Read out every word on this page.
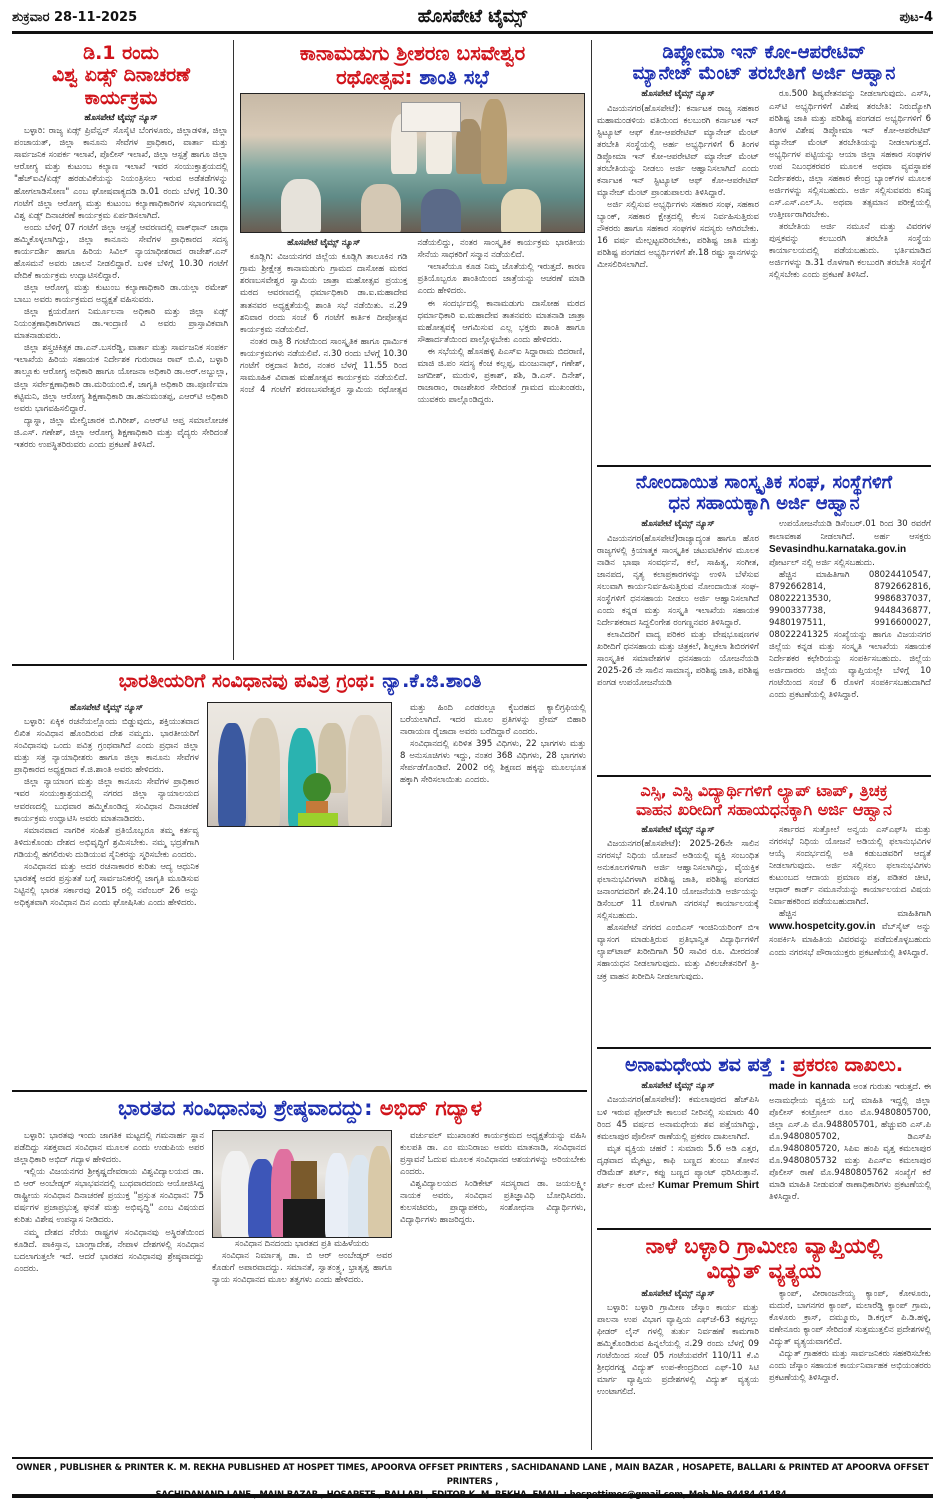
ಶುಕ್ರವಾರ 28-11-2025	ಹೊಸಪೇಟೆ ಟೈಮ್ಸ್	ಪುಟ-4
ಡಿ.1 ರಂದು
ವಿಶ್ವ ಏಡ್ಸ್ ದಿನಾಚರಣೆ
ಕಾರ್ಯಕ್ರಮ
ಹೊಸಪೇಟೆ ಟೈಮ್ಸ್ ನ್ಯೂಸ್

ಬಳ್ಳಾರಿ: ರಾಜ್ಯ ಏಡ್ಸ್ ಪ್ರಿವೆನ್ಷನ್ ಸೊಸೈಟಿ ಬೆಂಗಳೂರು, ಜಿಲ್ಲಾಡಳಿತ, ಜಿಲ್ಲಾ ಪಂಚಾಯತ್, ಜಿಲ್ಲಾ ಕಾನೂನು ಸೇವೆಗಳ ಪ್ರಾಧಿಕಾರ, ವಾರ್ತಾ ಮತ್ತು ಸಾರ್ವಜನಿಕ ಸಂಪರ್ಕ ಇಲಾಖೆ, ಪೊಲೀಸ್ ಇಲಾಖೆ, ಜಿಲ್ಲಾ ಆಸ್ಪತ್ರೆ ಹಾಗೂ ಜಿಲ್ಲಾ ಆರೋಗ್ಯ ಮತ್ತು ಕುಟುಂಬ ಕಲ್ಯಾಣ ಇಲಾಖೆ ಇವರ ಸಂಯುಕ್ತಾಶ್ರಯದಲ್ಲಿ "ಹೆಚ್‌ಐವಿ/ಏಡ್ಸ್ ಹರಡುವಿಕೆಯನ್ನು ನಿಯಂತ್ರಿಸಲು ಇರುವ ಅಡೆತಡೆಗಳನ್ನು ಹೋಗಲಾಡಿಸೋಣ" ಎಂಬ ಘೋಷವಾಕ್ಯದಡಿ ಡಿ.01 ರಂದು ಬೆಳಗ್ಗೆ 10.30 ಗಂಟೆಗೆ ಜಿಲ್ಲಾ ಆರೋಗ್ಯ ಮತ್ತು ಕುಟುಂಬ ಕಲ್ಯಾಣಾಧಿಕಾರಿಗಳ ಸಭಾಂಗಣದಲ್ಲಿ ವಿಶ್ವ ಏಡ್ಸ್ ದಿನಾಚರಣೆ ಕಾರ್ಯಕ್ರಮ ಏರ್ಪಡಿಸಲಾಗಿದೆ.

ಅಂದು ಬೆಳಿಗ್ಗೆ 07 ಗಂಟೆಗೆ ಜಿಲ್ಲಾ ಆಸ್ಪತ್ರೆ ಆವರಣದಲ್ಲಿ ವಾಕ್‌ಥಾನ್ ಜಾಥಾ ಹಮ್ಮಿಕೊಳ್ಳಲಾಗಿದ್ದು, ಜಿಲ್ಲಾ ಕಾನೂನು ಸೇವೆಗಳ ಪ್ರಾಧಿಕಾರದ ಸದಸ್ಯ ಕಾರ್ಯದರ್ಶಿ ಹಾಗೂ ಹಿರಿಯ ಸಿವಿಲ್ ನ್ಯಾಯಾಧೀಶರಾದ ರಾಜೇಶ್.ಎನ್ ಹೊಸಮನೆ ಅವರು ಚಾಲನೆ ನೀಡಲಿದ್ದಾರೆ. ಬಳಿಕ ಬೆಳಿಗ್ಗೆ 10.30 ಗಂಟೆಗೆ ವೇದಿಕೆ ಕಾರ್ಯಕ್ರಮ ಉದ್ಘಾಟಿಸಲಿದ್ದಾರೆ.

ಜಿಲ್ಲಾ ಆರೋಗ್ಯ ಮತ್ತು ಕುಟುಂಬ ಕಲ್ಯಾಣಾಧಿಕಾರಿ ಡಾ.ಯಲ್ಲಾ ರಮೇಶ್ ಬಾಬು ಅವರು ಕಾರ್ಯಕ್ರಮದ ಅಧ್ಯಕ್ಷತೆ ವಹಿಸುವರು.

ಜಿಲ್ಲಾ ಕ್ಷಯರೋಗ ನಿರ್ಮೂಲನಾ ಅಧಿಕಾರಿ ಮತ್ತು ಜಿಲ್ಲಾ ಏಡ್ಸ್ ನಿಯಂತ್ರಣಾಧಿಕಾರಿಗಳಾದ ಡಾ.ಇಂದ್ರಾಣಿ ವಿ ಅವರು ಪ್ರಾಸ್ತಾವಿಕವಾಗಿ ಮಾತನಾಡುವರು.

ಜಿಲ್ಲಾ ಶಸ್ತ್ರಚಿಕಿತ್ಸಕ ಡಾ.ಎನ್.ಬಸರೆಡ್ಡಿ, ವಾರ್ತಾ ಮತ್ತು ಸಾರ್ವಜನಿಕ ಸಂಪರ್ಕ ಇಲಾಖೆಯ ಹಿರಿಯ ಸಹಾಯಕ ನಿರ್ದೇಶಕ ಗುರುರಾಜ ರಾವ್ ಬಿ.ವಿ, ಬಳ್ಳಾರಿ ತಾಲ್ಲೂಕು ಆರೋಗ್ಯ ಅಧಿಕಾರಿ ಹಾಗೂ ಯೋಜನಾ ಅಧಿಕಾರಿ ಡಾ.ಅರ್.ಅಬ್ದುಲ್ಲಾ, ಜಿಲ್ಲಾ ಸರ್ವೇಕ್ಷಣಾಧಿಕಾರಿ ಡಾ.ಮರಿಯಂಬಿ.ಕೆ, ಜಾಗೃತಿ ಅಧಿಕಾರಿ ಡಾ.ಪೂರ್ಣಿಮಾ ಕಟ್ಟಿಮನಿ, ಜಿಲ್ಲಾ ಆರೋಗ್ಯ ಶಿಕ್ಷಣಾಧಿಕಾರಿ ಡಾ.ಹನುಮಂತಪ್ಪ, ಎಆರ್‌ಟಿ ಅಧಿಕಾರಿ ಅವರು ಭಾಗವಹಿಸಲಿದ್ದಾರೆ.

ದ್ಯಾಸ್ನಾ, ಜಿಲ್ಲಾ ಮೇಲ್ವಿಚಾರಕ ಬಿ.ಗಿರೀಶ್, ಎಆರ್‌ಟಿ ಆಪ್ತ ಸಮಾಲೋಚಕ ಜಿ.ಎಸ್. ಗಣೇಶ್, ಜಿಲ್ಲಾ ಆರೋಗ್ಯ ಶಿಕ್ಷಣಾಧಿಕಾರಿ ಮತ್ತು ವೈದ್ಯರು ಸೇರಿದಂತೆ ಇತರರು ಉಪಸ್ಥಿತರಿರುವರು ಎಂದು ಪ್ರಕಟಣೆ ತಿಳಿಸಿದೆ.

ಕಾನಾಮಡುಗು ಶ್ರೀಶರಣ ಬಸವೇಶ್ವರ
ರಥೋತ್ಸವ: ಶಾಂತಿ ಸಭೆ
ಹೊಸಪೇಟೆ ಟೈಮ್ಸ್ ನ್ಯೂಸ್

ಕೂಡ್ಲಿಗಿ: ವಿಜಯನಗರ ಜಿಲ್ಲೆಯ ಕೂಡ್ಲಿಗಿ ತಾಲೂಕಿನ ಗಡಿ ಗ್ರಾಮ ಶ್ರೀಕ್ಷೇತ್ರ ಕಾನಾಮಡುಗು ಗ್ರಾಮದ ದಾಸೋಹ ಮಠದ ಶರಣಬಸವೇಶ್ವರ ಸ್ವಾಮಿಯ ಜಾತ್ರಾ ಮಹೋತ್ಸವ ಪ್ರಯುಕ್ತ ಮಠದ ಆವರಣದಲ್ಲಿ ಧರ್ಮಾಧಿಕಾರಿ ಡಾ.ಐ.ಮಹಾದೇವ ತಾತನವರ ಅಧ್ಯಕ್ಷತೆಯಲ್ಲಿ ಶಾಂತಿ ಸಭೆ ನಡೆಯಿತು. ನ.29 ಶನಿವಾರ ರಂದು ಸಂಜೆ 6 ಗಂಟೆಗೆ ಕಾರ್ತಿಕ ದೀಪೋತ್ಸವ ಕಾರ್ಯಕ್ರಮ ನಡೆಯಲಿದೆ.

ನಂತರ ರಾತ್ರಿ 8 ಗಂಟೆಯಿಂದ ಸಾಂಸ್ಕೃತಿಕ ಹಾಗೂ ಧಾರ್ಮಿಕ ಕಾರ್ಯಕ್ರಮಗಳು ನಡೆಯಲಿವೆ. ನ.30 ರಂದು ಬೆಳಗ್ಗೆ 10.30 ಗಂಟೆಗೆ ರಕ್ತದಾನ ಶಿಬಿರ, ನಂತರ ಬೆಳಗ್ಗೆ 11.55 ರಿಂದ ಸಾಮೂಹಿಕ ವಿವಾಹ ಮಹೋತ್ಸವ ಕಾರ್ಯಕ್ರಮ ನಡೆಯಲಿದೆ. ಸಂಜೆ 4 ಗಂಟೆಗೆ ಶರಣಬಸವೇಶ್ವರ ಸ್ವಾಮಿಯ ರಥೋತ್ಸವ ನಡೆಯಲಿದ್ದು, ನಂತರ ಸಾಂಸ್ಕೃತಿಕ ಕಾರ್ಯಕ್ರಮ ಭಾರತೀಯ ಸೇನೆಯ ಸಾಧಕರಿಗೆ ಸನ್ಮಾನ ನಡೆಯಲಿದೆ.

ಇಲಾಖೆಯೂ ಕೂಡ ನಿಮ್ಮ ಜೊತೆಯಲ್ಲಿ ಇರುತ್ತದೆ. ಕಾರಣ ಪ್ರತಿಯೊಬ್ಬರೂ ಶಾಂತಿಯಿಂದ ಜಾತ್ರೆಯನ್ನು ಆಚರಣೆ ಮಾಡಿ ಎಂದು ಹೇಳಿದರು.

ಈ ಸಂದರ್ಭದಲ್ಲಿ ಕಾನಾಮಡುಗು ದಾಸೋಹ ಮಠದ ಧರ್ಮಾಧಿಕಾರಿ ಐ.ಮಹಾದೇವ ತಾತನವರು ಮಾತನಾಡಿ ಜಾತ್ರಾ ಮಹೋತ್ಸವಕ್ಕೆ ಆಗಮಿಸುವ ಎಲ್ಲ ಭಕ್ತರು ಶಾಂತಿ ಹಾಗೂ ಸೌಹಾರ್ದತೆಯಿಂದ ಪಾಲ್ಗೊಳ್ಳಬೇಕು ಎಂದು ಹೇಳಿದರು.

ಈ ಸಭೆಯಲ್ಲಿ ಹೊಸಹಳ್ಳಿ ಪಿಎಸ್‌ಐ ಸಿದ್ದಾರಾಮ ಬಿದರಾಣಿ, ಮಾಜಿ ಜಿ.ಪಂ ಸದಸ್ಯ ಕೆಂಚ ಕಲ್ಲಪ್ಪ, ಮಂಜುನಾಥ್, ಗಣೇಶ್, ಜಗದೀಶ್, ಮುರುಳಿ, ಪ್ರಕಾಶ್, ಶಶಿ, ಡಿ.ಎಸ್. ದಿನೇಶ್, ರಾಜಾರಾಂ, ರಾಜಶೇಖರ ಸೇರಿದಂತೆ ಗ್ರಾಮದ ಮುಖಂಡರು, ಯುವಕರು ಪಾಲ್ಗೊಂಡಿದ್ದರು.

ಡಿಪ್ಲೋಮಾ ಇನ್ ಕೋ-ಆಪರೇಟಿವ್
ಮ್ಯಾನೇಜ್ ಮೆಂಟ್ ತರಬೇತಿಗೆ ಅರ್ಜಿ ಆಹ್ವಾನ
ಹೊಸಪೇಟೆ ಟೈಮ್ಸ್ ನ್ಯೂಸ್

ವಿಜಯನಗರ(ಹೊಸಪೇಟೆ): ಕರ್ನಾಟಕ ರಾಜ್ಯ ಸಹಕಾರ ಮಹಾಮಂಡಳಿಯ ವತಿಯಿಂದ ಕಲಬುರಗಿ ಕರ್ನಾಟಕ ಇನ್ ಸ್ಟಿಟ್ಯೂಟ್ ಆಫ್ ಕೋ-ಆಪರೇಟಿವ್ ಮ್ಯಾನೇಜ್ ಮೆಂಟ್ ತರಬೇತಿ ಸಂಸ್ಥೆಯಲ್ಲಿ ಅರ್ಹ ಅಭ್ಯರ್ಥಿಗಳಿಗೆ 6 ತಿಂಗಳ ಡಿಪ್ಲೋಮಾ ಇನ್ ಕೋ-ಆಪರೇಟಿವ್ ಮ್ಯಾನೇಜ್ ಮೆಂಟ್ ತರಬೇತಿಯನ್ನು ನೀಡಲು ಅರ್ಜಿ ಆಹ್ವಾನಿಸಲಾಗಿದೆ ಎಂದು ಕರ್ನಾಟಕ ಇನ್ ಸ್ಟಿಟ್ಯೂಟ್ ಆಫ್ ಕೋ-ಆಪರೇಟಿವ್ ಮ್ಯಾನೇಜ್ ಮೆಂಟ್ ಪ್ರಾಂಶುಪಾಲರು ತಿಳಿಸಿದ್ದಾರೆ.

ಅರ್ಜಿ ಸಲ್ಲಿಸುವ ಅಭ್ಯರ್ಥಿಗಳು ಸಹಕಾರ ಸಂಘ, ಸಹಕಾರ ಬ್ಯಾಂಕ್, ಸಹಕಾರ ಕ್ಷೇತ್ರದಲ್ಲಿ ಕೆಲಸ ನಿರ್ವಹಿಸುತ್ತಿರುವ ನೌಕರರು ಹಾಗೂ ಸಹಕಾರ ಸಂಘಗಳ ಸದಸ್ಯರು ಆಗಿರಬೇಕು. 16 ವರ್ಷ ಮೇಲ್ಪಟ್ಟವರಿರಬೇಕು, ಪರಿಶಿಷ್ಟ ಜಾತಿ ಮತ್ತು ಪರಿಶಿಷ್ಟ ಪಂಗಡದ ಅಭ್ಯರ್ಥಿಗಳಿಗೆ ಶೇ.18 ರಷ್ಟು ಸ್ಥಾನಗಳನ್ನು ಮೀಸಲಿರಿಸಲಾಗಿದೆ.

ರೂ.500 ಶಿಷ್ಯವೇತನವನ್ನು ನೀಡಲಾಗುವುದು. ಎಸ್‌ಸಿ, ಎಸ್‌ಟಿ ಅಭ್ಯರ್ಥಿಗಳಿಗೆ ವಿಶೇಷ ತರಬೇತಿ: ನಿರುದ್ಯೋಗಿ ಪರಿಶಿಷ್ಟ ಜಾತಿ ಮತ್ತು ಪರಿಶಿಷ್ಟ ಪಂಗಡದ ಅಭ್ಯರ್ಥಿಗಳಿಗೆ 6 ತಿಂಗಳ ವಿಶೇಷ ಡಿಪ್ಲೋಮಾ ಇನ್ ಕೋ-ಆಪರೇಟಿವ್ ಮ್ಯಾನೇಜ್ ಮೆಂಟ್ ತರಬೇತಿಯನ್ನು ನೀಡಲಾಗುತ್ತದೆ. ಅಭ್ಯರ್ಥಿಗಳ ಪಟ್ಟಿಯನ್ನು ಆಯಾ ಜಿಲ್ಲಾ ಸಹಕಾರ ಸಂಘಗಳ ಉಪ ನಿಬಂಧಕರವರ ಮೂಲಕ ಅಥವಾ ವ್ಯವಸ್ಥಾಪಕ ನಿರ್ದೇಶಕರು, ಜಿಲ್ಲಾ ಸಹಕಾರ ಕೇಂದ್ರ ಬ್ಯಾಂಕ್‌ಗಳ ಮೂಲಕ ಅರ್ಜಿಗಳನ್ನು ಸಲ್ಲಿಸಬಹುದು. ಅರ್ಜಿ ಸಲ್ಲಿಸುವವರು ಕನಿಷ್ಠ ಎಸ್.ಎಸ್.ಎಲ್.ಸಿ. ಅಥವಾ ತತ್ಸಮಾನ ಪರೀಕ್ಷೆಯಲ್ಲಿ ಉತ್ತೀರ್ಣರಾಗಿರಬೇಕು.

ತರಬೇತಿಯ ಅರ್ಜಿ ನಮೂನೆ ಮತ್ತು ವಿವರಗಳ ಪುಸ್ತಕವನ್ನು ಕಲಬುರಗಿ ತರಬೇತಿ ಸಂಸ್ಥೆಯ ಕಾರ್ಯಾಲಯದಲ್ಲಿ ಪಡೆಯಬಹುದು. ಭರ್ತಿಮಾಡಿದ ಅರ್ಜಿಗಳನ್ನು ಡಿ.31 ರೊಳಗಾಗಿ ಕಲಬುರಗಿ ತರಬೇತಿ ಸಂಸ್ಥೆಗೆ ಸಲ್ಲಿಸಬೇಕು ಎಂದು ಪ್ರಕಟಣೆ ತಿಳಿಸಿದೆ.

ನೋಂದಾಯಿತ ಸಾಂಸ್ಕೃತಿಕ ಸಂಘ, ಸಂಸ್ಥೆಗಳಿಗೆ
ಧನ ಸಹಾಯಕ್ಕಾಗಿ ಅರ್ಜಿ ಆಹ್ವಾನ
ಹೊಸಪೇಟೆ ಟೈಮ್ಸ್ ನ್ಯೂಸ್

ವಿಜಯನಗರ(ಹೊಸಪೇಟೆ)ರಾಜ್ಯಾದ್ಯಂತ ಹಾಗೂ ಹೊರ ರಾಜ್ಯಗಳಲ್ಲಿ ಕ್ರಿಯಾತ್ಮಕ ಸಾಂಸ್ಕೃತಿಕ ಚಟುವಟಿಕೆಗಳ ಮೂಲಕ ನಾಡಿನ ಭಾಷಾ ಸಂವರ್ಧನೆ, ಕಲೆ, ಸಾಹಿತ್ಯ, ಸಂಗೀತ, ಜಾನಪದ, ನೃತ್ಯ ಕಲಾಪ್ರಕಾರಗಳನ್ನು ಉಳಿಸಿ ಬೆಳೆಸುವ ಸಲುವಾಗಿ ಕಾರ್ಯನಿರ್ವಹಿಸುತ್ತಿರುವ ನೋಂದಾಯಿತ ಸಂಘ-ಸಂಸ್ಥೆಗಳಿಗೆ ಧನಸಹಾಯ ನೀಡಲು ಅರ್ಜಿ ಆಹ್ವಾನಿಸಲಾಗಿದೆ ಎಂದು ಕನ್ನಡ ಮತ್ತು ಸಂಸ್ಕೃತಿ ಇಲಾಖೆಯ ಸಹಾಯಕ ನಿರ್ದೇಶಕರಾದ ಸಿದ್ದಲಿಂಗೇಶ ರಂಗಣ್ಣನವರ ತಿಳಿಸಿದ್ದಾರೆ.

ಕಲಾವಿದರಿಗೆ ವಾದ್ಯ ಪರಿಕರ ಮತ್ತು ವೇಷಭೂಷಣಗಳ ಖರೀದಿಗೆ ಧನಸಹಾಯ ಮತ್ತು ಚಿತ್ರಕಲೆ, ಶಿಲ್ಪಕಲಾ ಶಿಬಿರಗಳಿಗೆ ಸಾಂಸ್ಕೃತಿಕ ಸಮಾವೇಶಗಳ ಧನಸಹಾಯ ಯೋಜನೆಯಡಿ 2025-26 ನೇ ಸಾಲಿನ ಸಾಮಾನ್ಯ, ಪರಿಶಿಷ್ಟ ಜಾತಿ, ಪರಿಶಿಷ್ಟ ಪಂಗಡ ಉಪಯೋಜನೆಯಡಿ

ಉಪಯೋಜನೆಯಡಿ ಡಿಸೆಂಬರ್.01 ರಿಂದ 30 ರವರೆಗೆ ಕಾಲಾವಕಾಶ ನೀಡಲಾಗಿದೆ. ಅರ್ಹ ಆಸಕ್ತರು Sevasindhu.karnataka.gov.in ಪೋರ್ಟಲ್ ನಲ್ಲಿ ಅರ್ಜಿ ಸಲ್ಲಿಸಬಹುದು.

ಹೆಚ್ಚಿನ ಮಾಹಿತಿಗಾಗಿ 08024410547, 8792662814, 8792662816, 08022213530, 9986837037, 9900337738, 9448436877, 9480197511, 9916600027, 08022241325 ಸಂಖ್ಯೆಯನ್ನು ಹಾಗೂ ವಿಜಯನಗರ ಜಿಲ್ಲೆಯ ಕನ್ನಡ ಮತ್ತು ಸಂಸ್ಕೃತಿ ಇಲಾಖೆಯ ಸಹಾಯಕ ನಿರ್ದೇಶಕರ ಕಛೇರಿಯನ್ನು ಸಂಪರ್ಕಿಸಬಹುದು. ಜಿಲ್ಲೆಯ ಅರ್ಜಿದಾರರು ಜಿಲ್ಲೆಯ ವ್ಯಾಪ್ತಿಯಲ್ಲೇ ಬೆಳಿಗ್ಗೆ 10 ಗಂಟೆಯಿಂದ ಸಂಜೆ 6 ರೊಳಗೆ ಸಂಪರ್ಕಿಸಬಹುದಾಗಿದೆ ಎಂದು ಪ್ರಕಟಣೆಯಲ್ಲಿ ತಿಳಿಸಿದ್ದಾರೆ.

ಎಸ್ಸಿ, ಎಸ್ಟಿ ವಿದ್ಯಾರ್ಥಿಗಳಿಗೆ ಲ್ಯಾಪ್ ಟಾಪ್, ತ್ರಿಚಕ್ರ
ವಾಹನ ಖರೀದಿಗೆ ಸಹಾಯಧನಕ್ಕಾಗಿ ಅರ್ಜಿ ಆಹ್ವಾನ
ಹೊಸಪೇಟೆ ಟೈಮ್ಸ್ ನ್ಯೂಸ್

ವಿಜಯನಗರ(ಹೊಸಪೇಟೆ): 2025-26ನೇ ಸಾಲಿನ ನಗರಸಭೆ ನಿಧಿಯ ಯೋಜನೆ ಅಡಿಯಲ್ಲಿ ವ್ಯಕ್ತಿ ಸಂಬಂಧಿತ ಅನುಕೂಲಗಳಿಗಾಗಿ ಅರ್ಜಿ ಆಹ್ವಾನಿಸಲಾಗಿದ್ದು, ವೈಯಕ್ತಿಕ ಫಲಾನುಭವಿಗಳಾಗಿ ಪರಿಶಿಷ್ಟ ಜಾತಿ, ಪರಿಶಿಷ್ಟ ಪಂಗಡದ ಜನಾಂಗದವರಿಗೆ ಶೇ.24.10 ಯೋಜನೆಯಡಿ ಅರ್ಜಿಯನ್ನು ಡಿಸೆಂಬರ್ 11 ರೊಳಗಾಗಿ ನಗರಸಭೆ ಕಾರ್ಯಾಲಯಕ್ಕೆ ಸಲ್ಲಿಸಬಹುದು.

ಹೊಸಪೇಟೆ ನಗರದ ಎಂಬಿಎಸ್ ಇಂಜಿನಿಯರಿಂಗ್ ಬಿಇ ವ್ಯಾಸಂಗ ಮಾಡುತ್ತಿರುವ ಪ್ರತಿಭಾನ್ವಿತ ವಿದ್ಯಾರ್ಥಿಗಳಿಗೆ ಲ್ಯಾಪ್‌ಟಾಪ್ ಖರೀದಿಗಾಗಿ 50 ಸಾವಿರ ರೂ. ಮೀರದಂತೆ ಸಹಾಯಧನ ನೀಡಲಾಗುವುದು. ಮತ್ತು ವಿಕಲಚೇತನರಿಗೆ ತ್ರಿ-ಚಕ್ರ ವಾಹನ ಖರೀದಿಸಿ ನೀಡಲಾಗುವುದು.

ಸರ್ಕಾರದ ಸುತ್ತೋಲೆ ಅನ್ವಯ ಎಸ್‌ಎಫ್‌ಸಿ ಮತ್ತು ನಗರಸಭೆ ನಿಧಿಯ ಯೋಜನೆ ಅಡಿಯಲ್ಲಿ ಫಲಾನುಭವಿಗಳ ಆಯ್ಕೆ ಸಂದರ್ಭದಲ್ಲಿ ಅತಿ ಕಡುಬಡವರಿಗೆ ಆದ್ಯತೆ ನೀಡಲಾಗುವುದು. ಅರ್ಜಿ ಸಲ್ಲಿಸಲು ಫಲಾನುಭವಿಗಳು ಕುಟುಂಬದ ಆದಾಯ ಪ್ರಮಾಣ ಪತ್ರ, ಪಡಿತರ ಚೀಟಿ, ಆಧಾರ್ ಕಾರ್ಡ್ ನಮೂನೆಯನ್ನು ಕಾರ್ಯಾಲಯದ ವಿಷಯ ನಿರ್ವಾಹಕರಿಂದ ಪಡೆಯಬಹುದಾಗಿದೆ.

ಹೆಚ್ಚಿನ ಮಾಹಿತಿಗಾಗಿ www.hospetcity.gov.in ವೆಬ್‌ಸೈಟ್ ಅನ್ನು ಸಂಪರ್ಕಿಸಿ ಮಾಹಿತಿಯ ವಿವರವನ್ನು ಪಡೆದುಕೊಳ್ಳಬಹುದು ಎಂದು ನಗರಸಭೆ ಪೌರಾಯುಕ್ತರು ಪ್ರಕಟಣೆಯಲ್ಲಿ ತಿಳಿಸಿದ್ದಾರೆ.

ಅನಾಮಧೇಯ ಶವ ಪತ್ತೆ : ಪ್ರಕರಣ ದಾಖಲು.
ಹೊಸಪೇಟೆ ಟೈಮ್ಸ್ ನ್ಯೂಸ್

ವಿಜಯನಗರ(ಹೊಸಪೇಟೆ): ಕಮಲಾಪುರದ ಹೆಚ್‌ಪಿಸಿ ಬಳಿ ಇರುವ ಫೋರ್‌ಬೇ ಕಾಲುವೆ ನೀರಿನಲ್ಲಿ ಸುಮಾರು 40 ರಿಂದ 45 ವರ್ಷದ ಅನಾಮಧೇಯ ಶವ ಪತ್ತೆಯಾಗಿದ್ದು, ಕಮಲಾಪುರ ಪೊಲೀಸ್ ಠಾಣೆಯಲ್ಲಿ ಪ್ರಕರಣ ದಾಖಲಾಗಿದೆ.

ಮೃತ ವ್ಯಕ್ತಿಯ ಚಹರೆ : ಸುಮಾರು 5.6 ಅಡಿ ಎತ್ತರ, ದೃಢವಾದ ಮೈಕಟ್ಟು, ಕಾಫಿ ಬಣ್ಣದ ತುಂಬು ತೋಳಿನ ರೆಡಿಮೆಡ್ ಶರ್ಟ್, ಕಪ್ಪು ಬಣ್ಣದ ಪ್ಯಾಂಟ್ ಧರಿಸಿರುತ್ತಾನೆ. ಶರ್ಟ್ ಕಲರ್ ಮೇಲೆ Kumar Premum Shirt made in kannada ಅಂತ ಗುರುತು ಇರುತ್ತದೆ. ಈ ಅನಾಮಧೇಯ ವ್ಯಕ್ತಿಯ ಬಗ್ಗೆ ಮಾಹಿತಿ ಇದ್ದಲ್ಲಿ ಜಿಲ್ಲಾ ಪೊಲೀಸ್ ಕಂಟ್ರೋಲ್ ರೂಂ ಮೊ.9480805700, ಜಿಲ್ಲಾ ಎಸ್.ಪಿ ಮೊ.948805701, ಹೆಚ್ಚುವರಿ ಎಸ್.ಪಿ ಮೊ.9480805702, ಡಿಎಸ್‌ಪಿ ಮೊ.9480805720, ಸಿಪಿಐ ಹಂಪಿ ವೃತ್ತ ಕಮಲಾಪುರ ಮೊ.9480805732 ಮತ್ತು ಪಿಎಸ್‌ಐ ಕಮಲಾಪುರ ಪೊಲೀಸ್ ಠಾಣೆ ಮೊ.9480805762 ಸಂಖ್ಯೆಗೆ ಕರೆ ಮಾಡಿ ಮಾಹಿತಿ ನೀಡುವಂತೆ ಠಾಣಾಧಿಕಾರಿಗಳು ಪ್ರಕಟಣೆಯಲ್ಲಿ ತಿಳಿಸಿದ್ದಾರೆ.

ನಾಳೆ ಬಳ್ಳಾರಿ ಗ್ರಾಮೀಣ ವ್ಯಾಪ್ತಿಯಲ್ಲಿ
ವಿದ್ಯುತ್ ವ್ಯತ್ಯಯ
ಹೊಸಪೇಟೆ ಟೈಮ್ಸ್ ನ್ಯೂಸ್

ಬಳ್ಳಾರಿ: ಬಳ್ಳಾರಿ ಗ್ರಾಮೀಣ ಜೆಸ್ಕಾಂ ಕಾರ್ಯ ಮತ್ತು ಪಾಲನಾ ಉಪ ವಿಭಾಗ ವ್ಯಾಪ್ತಿಯ ಎಫ್‌ಜೆ-63 ಕಪ್ಪಗಲ್ಲು ಫೀಡರ್ ಲೈನ್ ಗಳಲ್ಲಿ ತುರ್ತು ನಿರ್ವಹಣೆ ಕಾಮಗಾರಿ ಹಮ್ಮಿಕೊಂಡಿರುವ ಹಿನ್ನಲೆಯಲ್ಲಿ ನ.29 ರಂದು ಬೆಳಗ್ಗೆ 09 ಗಂಟೆಯಿಂದ ಸಂಜೆ 05 ಗಂಟೆಯವರೆಗೆ 110/11 ಕೆ.ವಿ ಶ್ರೀಧರಗಡ್ಡ ವಿದ್ಯುತ್ ಉಪ-ಕೇಂದ್ರದಿಂದ ಎಫ್-10 ಸಿಟಿ ಮಾರ್ಗ ವ್ಯಾಪ್ತಿಯ ಪ್ರದೇಶಗಳಲ್ಲಿ ವಿದ್ಯುತ್ ವ್ಯತ್ಯಯ ಉಂಟಾಗಲಿದೆ.

ಕ್ಯಾಂಪ್, ವೀರಾಂಜನೇಯ್ಯ ಕ್ಯಾಂಪ್, ಕೋಳೂರು, ಮದುರೆ, ಬಾಗನಗರ ಕ್ಯಾಂಪ್, ಮಲಾರೆಡ್ಡಿ ಕ್ಯಾಂಪ್ ಗ್ರಾಮ, ಕೊಳೂರು ಕ್ರಾಸ್, ದಮ್ಮೂರು, ಡಿ.ಕಗ್ಗಲ್ ಪಿ.ಡಿ.ಹಳ್ಳಿ, ವಣೇನೂರು ಕ್ಯಾಂಪ್ ಸೇರಿದಂತೆ ಸುತ್ತಮುತ್ತಲಿನ ಪ್ರದೇಶಗಳಲ್ಲಿ ವಿದ್ಯುತ್ ವ್ಯತ್ಯಯವಾಗಲಿದೆ.

ವಿದ್ಯುತ್ ಗ್ರಾಹಕರು ಮತ್ತು ಸಾರ್ವಜನಿಕರು ಸಹಕರಿಸಬೇಕು ಎಂದು ಜೆಸ್ಕಾಂ ಸಹಾಯಕ ಕಾರ್ಯನಿರ್ವಾಹಕ ಅಭಿಯಂತರರು ಪ್ರಕಟಣೆಯಲ್ಲಿ ತಿಳಿಸಿದ್ದಾರೆ.

ಭಾರತೀಯರಿಗೆ ಸಂವಿಧಾನವು ಪವಿತ್ರ ಗ್ರಂಥ: ನ್ಯಾ.ಕೆ.ಜಿ.ಶಾಂತಿ
ಹೊಸಪೇಟೆ ಟೈಮ್ಸ್ ನ್ಯೂಸ್

ಬಳ್ಳಾರಿ: ಏಕ್ಕಿಕ ರಚನೆಯಲ್ಲೊಂದು ಬಿಡ್ಡುವುದು, ಶಕ್ತಿಯುತವಾದ ಲಿಖಿತ ಸಂವಿಧಾನ ಹೊಂದಿರುವ ದೇಶ ನಮ್ಮದು. ಭಾರತೀಯರಿಗೆ ಸಂವಿಧಾನವು ಒಂದು ಪವಿತ್ರ ಗ್ರಂಥವಾಗಿದೆ ಎಂದು ಪ್ರಧಾನ ಜಿಲ್ಲಾ ಮತ್ತು ಸತ್ರ ನ್ಯಾಯಾಧೀಶರು ಹಾಗೂ ಜಿಲ್ಲಾ ಕಾನೂನು ಸೇವೆಗಳ ಪ್ರಾಧಿಕಾರದ ಅಧ್ಯಕ್ಷರಾದ ಕೆ.ಜಿ.ಶಾಂತಿ ಅವರು ಹೇಳಿದರು.

ಜಿಲ್ಲಾ ನ್ಯಾಯಾಂಗ ಮತ್ತು ಜಿಲ್ಲಾ ಕಾನೂನು ಸೇವೆಗಳ ಪ್ರಾಧಿಕಾರ ಇವರ ಸಂಯುಕ್ತಾಶ್ರಯದಲ್ಲಿ ನಗರದ ಜಿಲ್ಲಾ ನ್ಯಾಯಾಲಯದ ಆವರಣದಲ್ಲಿ ಬುಧವಾರ ಹಮ್ಮಿಕೊಂಡಿದ್ದ ಸಂವಿಧಾನ ದಿನಾಚರಣೆ ಕಾರ್ಯಕ್ರಮ ಉದ್ಘಾಟಿಸಿ ಅವರು ಮಾತನಾಡಿದರು.

ಸಮಾನವಾದ ನಾಗರಿಕ ಸಂಹಿತೆ ಪ್ರತಿಯೊಬ್ಬರೂ ತಮ್ಮ ಕರ್ತವ್ಯ ತಿಳಿದುಕೊಂಡು ದೇಶದ ಅಭಿವೃದ್ಧಿಗೆ ಶ್ರಮಿಸಬೇಕು. ನಮ್ಮ ಭದ್ರತೆಗಾಗಿ ಗಡಿಯಲ್ಲಿ ಹಗಲಿರುಳು ದುಡಿಯುವ ಸೈನಿಕರನ್ನು ಸ್ಮರಿಸಬೇಕು ಎಂದರು.

ಸಂವಿಧಾನದ ಮತ್ತು ಅದರ ರಚನಾಕಾರರ ಕುರಿತು ಆದ್ಯ ಆಧುನಿಕ ಭಾರತಕ್ಕೆ ಅದರ ಪ್ರಸ್ತುತತೆ ಬಗ್ಗೆ ಸಾರ್ವಜನಿಕರಲ್ಲಿ ಜಾಗೃತಿ ಮೂಡಿಸುವ ನಿಟ್ಟಿನಲ್ಲಿ ಭಾರತ ಸರ್ಕಾರವು 2015 ರಲ್ಲಿ ನವೆಂಬರ್ 26 ಅನ್ನು ಅಧಿಕೃತವಾಗಿ ಸಂವಿಧಾನ ದಿನ ಎಂದು ಘೋಷಿಸಿತು ಎಂದು ಹೇಳಿದರು.

ಮತ್ತು ಹಿಂದಿ ಎರಡರಲ್ಲೂ ಕೈಬರಹದ ಕ್ಯಾಲಿಗ್ರಫಿಯಲ್ಲಿ ಬರೆಯಲಾಗಿದೆ. ಇದರ ಮೂಲ ಪ್ರತಿಗಳನ್ನು ಪ್ರೇಮ್ ಬಿಹಾರಿ ನಾರಾಯಣ ರೈಜಾದಾ ಅವರು ಬರೆದಿದ್ದಾರೆ ಎಂದರು.

ಸಂವಿಧಾನದಲ್ಲಿ ಏರಿಳಿತ 395 ವಿಧಿಗಳು, 22 ಭಾಗಗಳು ಮತ್ತು 8 ಅನುಸೂಚಿಗಳು ಇದ್ದು, ನಂತರ 368 ವಿಧಿಗಳು, 28 ಭಾಗಗಳು ಸೇರ್ಪಡೆಗೊಂಡಿವೆ. 2002 ರಲ್ಲಿ ಶಿಕ್ಷಣದ ಹಕ್ಕನ್ನು ಮೂಲಭೂತ ಹಕ್ಕಾಗಿ ಸೇರಿಸಲಾಯಿತು ಎಂದರು.

ಭಾರತದ ಸಂವಿಧಾನವು ಶ್ರೇಷ್ಠವಾದದ್ದು: ಅಭಿದ್ ಗದ್ಯಾಳ

ಬಳ್ಳಾರಿ: ಭಾರತವು ಇಂದು ಜಾಗತಿಕ ಮಟ್ಟದಲ್ಲಿ ಗಮನಾರ್ಹ ಸ್ಥಾನ ಪಡೆದಿದ್ದು ಸಶಕ್ತವಾದ ಸಂವಿಧಾನ ಮೂಲಕ ಎಂದು ಉಡುಪಿಯ ಅಪರ ಜಿಲ್ಲಾಧಿಕಾರಿ ಅಭಿದ್ ಗದ್ಯಾಳ ಹೇಳಿದರು.

ಇಲ್ಲಿಯ ವಿಜಯನಗರ ಶ್ರೀಕೃಷ್ಣದೇವರಾಯ ವಿಶ್ವವಿದ್ಯಾಲಯದ ಡಾ. ಬಿ ಆರ್ ಅಂಬೇಡ್ಕರ್ ಸಭಾಭವನದಲ್ಲಿ ಬುಧವಾರದಂದು ಆಯೋಜಿಸಿದ್ದ ರಾಷ್ಟ್ರೀಯ ಸಂವಿಧಾನ ದಿನಾಚರಣೆ ಪ್ರಯುಕ್ತ "ಪ್ರಸ್ತುತ ಸಂವಿಧಾನ: 75 ವರ್ಷಗಳ ಪ್ರಜಾಪ್ರಭುತ್ವ ಘನತೆ ಮತ್ತು ಅಭಿವೃದ್ಧಿ" ಎಂಬ ವಿಷಯದ ಕುರಿತು ವಿಶೇಷ ಉಪನ್ಯಾಸ ನೀಡಿದರು.

ನಮ್ಮ ದೇಶದ ನೆರೆಯ ರಾಷ್ಟ್ರಗಳ ಸಂವಿಧಾನವು ಅಸ್ಥಿರತೆಯಿಂದ ಕೂಡಿದೆ. ಪಾಕಿಸ್ತಾನ, ಬಾಂಗ್ಲಾದೇಶ, ನೇಪಾಳ ದೇಶಗಳಲ್ಲಿ ಸಂವಿಧಾನ ಬದಲಾಗುತ್ತಲೇ ಇದೆ. ಆದರೆ ಭಾರತದ ಸಂವಿಧಾನವು ಶ್ರೇಷ್ಠವಾದದ್ದು ಎಂದರು.

ಸಂವಿಧಾನ ದಿನದಂದು ಭಾರತದ ಪ್ರತಿ ಮಹಿಳೆಯರು

ಸಂವಿಧಾನ ನಿರ್ಮಾತೃ ಡಾ. ಬಿ ಆರ್ ಅಂಬೇಡ್ಕರ್ ಅವರ ಕೊಡುಗೆ ಅಪಾರವಾದದ್ದು. ಸಮಾನತೆ, ಸ್ವಾತಂತ್ರ್ಯ, ಭ್ರಾತೃತ್ವ ಹಾಗೂ ನ್ಯಾಯ ಸಂವಿಧಾನದ ಮೂಲ ತತ್ವಗಳು ಎಂದು ಹೇಳಿದರು.

ವರ್ಚುವಲ್ ಮುಖಾಂತರ ಕಾರ್ಯಕ್ರಮದ ಅಧ್ಯಕ್ಷತೆಯನ್ನು ವಹಿಸಿ ಕುಲಪತಿ ಡಾ. ಎಂ ಮುನಿರಾಜು ಅವರು ಮಾತನಾಡಿ, ಸಂವಿಧಾನದ ಪ್ರಸ್ತಾವನೆ ಓದುವ ಮೂಲಕ ಸಂವಿಧಾನದ ಆಶಯಗಳನ್ನು ಅರಿಯಬೇಕು ಎಂದರು.

ವಿಶ್ವವಿದ್ಯಾಲಯದ ಸಿಂಡಿಕೇಟ್ ಸದಸ್ಯರಾದ ಡಾ. ಜಯಲಕ್ಷ್ಮೀ ನಾಯಕ ಅವರು, ಸಂವಿಧಾನ ಪ್ರತಿಜ್ಞಾವಿಧಿ ಬೋಧಿಸಿದರು. ಕುಲಸಚಿವರು, ಪ್ರಾಧ್ಯಾಪಕರು, ಸಂಶೋಧನಾ ವಿದ್ಯಾರ್ಥಿಗಳು, ವಿದ್ಯಾರ್ಥಿಗಳು ಹಾಜರಿದ್ದರು.

OWNER , PUBLISHER & PRINTER K. M. REKHA PUBLISHED AT HOSPET TIMES, APOORVA OFFSET PRINTERS , SACHIDANAND LANE , MAIN BAZAR , HOSAPETE, BALLARI & PRINTED AT APOORVA OFFSET PRINTERS ,
